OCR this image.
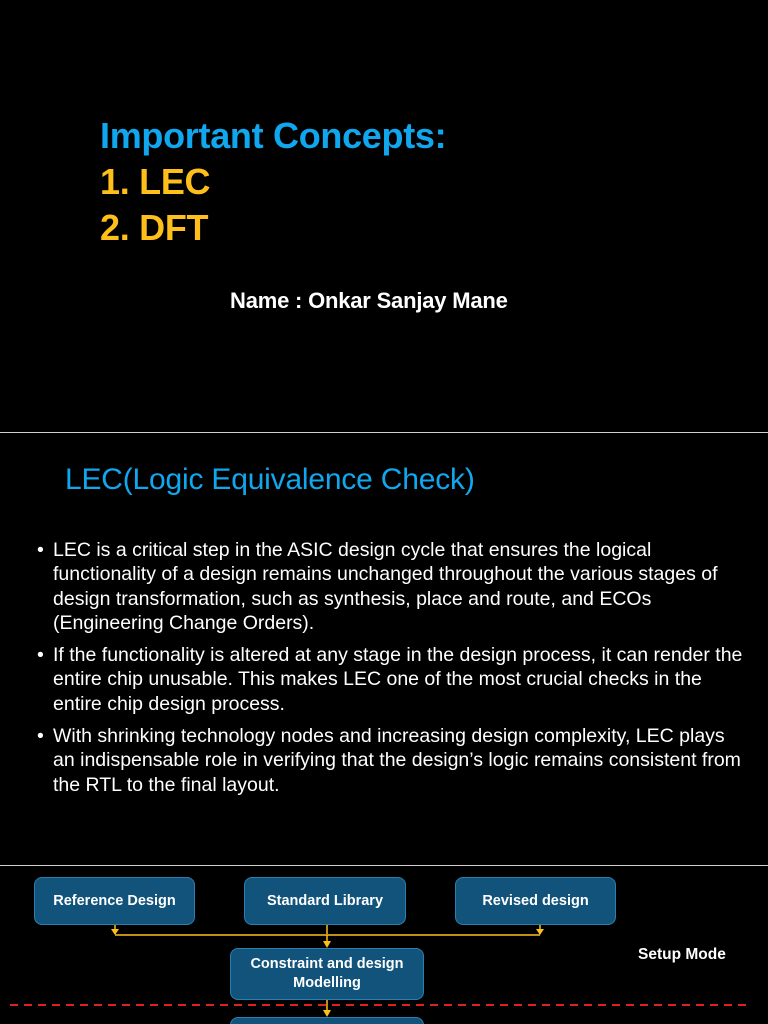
Important Concepts:
1. LEC
2. DFT
Name : Onkar Sanjay Mane
LEC(Logic Equivalence Check)
• LEC is a critical step in the ASIC design cycle that ensures the logical functionality of a design remains unchanged throughout the various stages of design transformation, such as synthesis, place and route, and ECOs (Engineering Change Orders).
• If the functionality is altered at any stage in the design process, it can render the entire chip unusable. This makes LEC one of the most crucial checks in the entire chip design process.
• With shrinking technology nodes and increasing design complexity, LEC plays an indispensable role in verifying that the design’s logic remains consistent from the RTL to the final layout.
Reference Design	Standard Library	Revised design
Constraint and design Modelling
Setup Mode
